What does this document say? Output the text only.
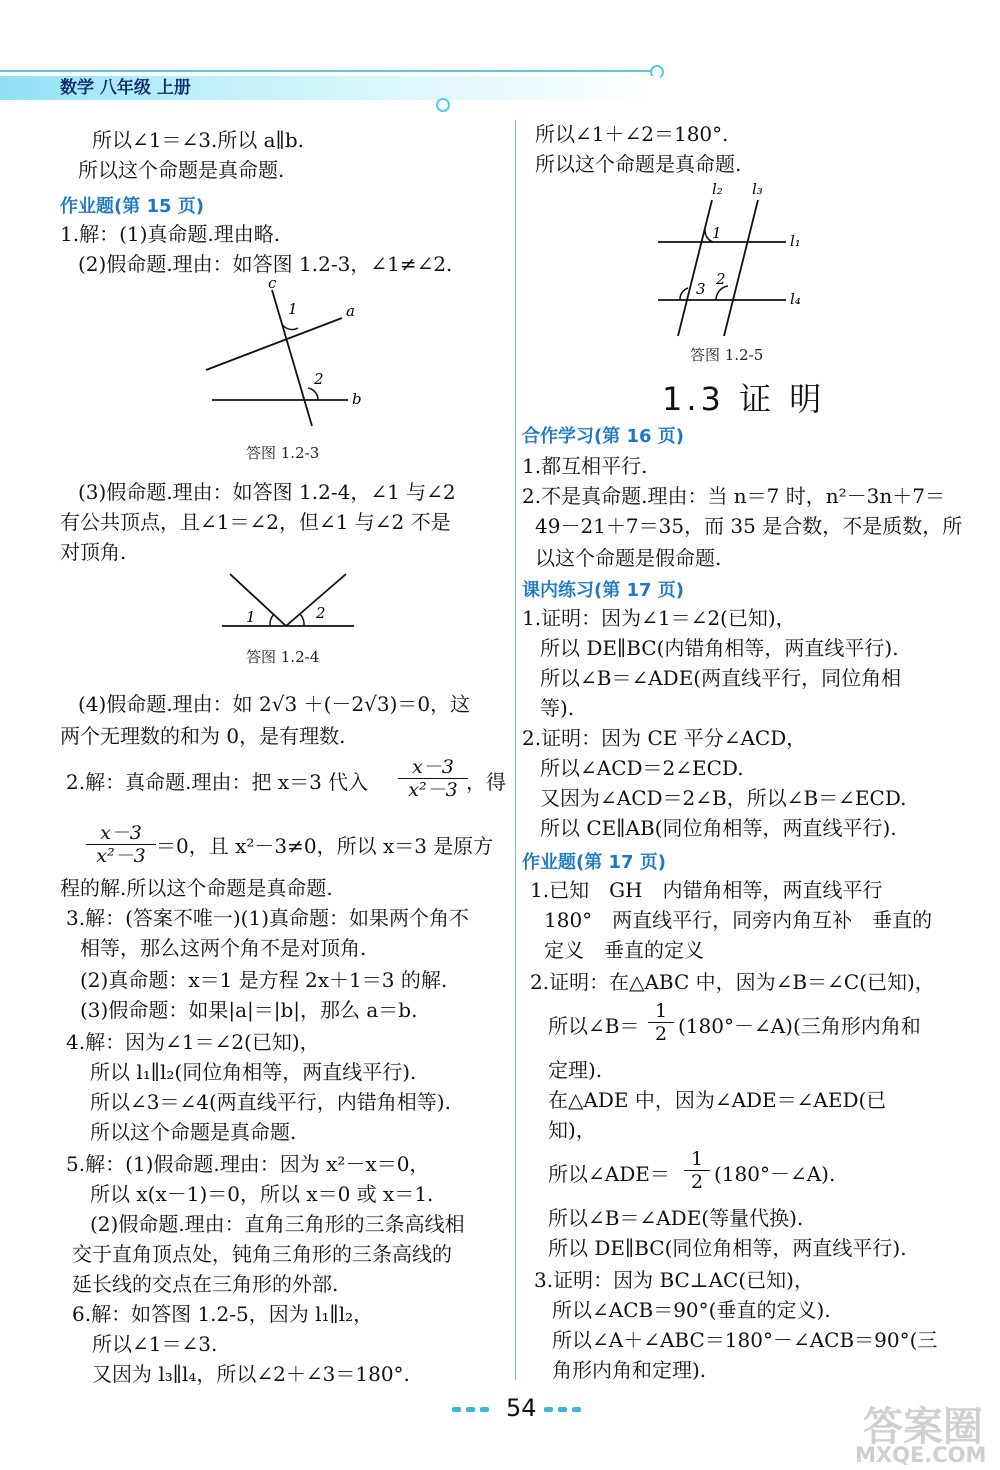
数学 八年级 上册
所以∠1＝∠3.所以 a∥b.
所以这个命题是真命题.
作业题(第 15 页)
1.解：(1)真命题.理由略.
(2)假命题.理由：如答图 1.2-3，∠1≠∠2.
c
1	a
2
b
答图 1.2-3
(3)假命题.理由：如答图 1.2-4，∠1 与∠2
有公共顶点，且∠1＝∠2，但∠1 与∠2 不是
对顶角.
1	2
答图 1.2-4
(4)假命题.理由：如 2√3 ＋(－2√3)＝0，这
两个无理数的和为 0，是有理数.
2.解：真命题.理由：把 x＝3 代入 $\frac{x-3}{\text{x²－3}}$
，得
$\frac{x-3}{\text{x²－3}} =0$，且 x²－3≠0，所以 x＝3 是原方
程的解.所以这个命题是真命题.
3.解：(答案不唯一)(1)真命题：如果两个角不
相等，那么这两个角不是对顶角.
(2)真命题：x＝1 是方程 2x＋1＝3 的解.
(3)假命题：如果|a|＝|b|，那么 a＝b.
4.解：因为∠1＝∠2(已知)，
所以 l₁∥l₂(同位角相等，两直线平行).
所以∠3＝∠4(两直线平行，内错角相等).
所以这个命题是真命题.
5.解：(1)假命题.理由：因为 x²－x＝0，
所以 x(x－1)＝0，所以 x＝0 或 x＝1.
(2)假命题.理由：直角三角形的三条高线相
交于直角顶点处，钝角三角形的三条高线的
延长线的交点在三角形的外部.
6.解：如答图 1.2-5，因为 l₁∥l₂，
所以∠1＝∠3.
又因为 l₃∥l₄，所以∠2＋∠3＝180°.
所以∠1＋∠2＝180°.
所以这个命题是真命题.
l₂ l₃
1	l₁
3
2
l₄
答图 1.2-5
1.3 证 明
合作学习(第 16 页)
1.都互相平行.
2.不是真命题.理由：当 n＝7 时，n²－3n＋7＝
49－21＋7＝35，而 35 是合数，不是质数，所
以这个命题是假命题.
课内练习(第 17 页)
1.证明：因为∠1＝∠2(已知)，
所以 DE∥BC(内错角相等，两直线平行).
所以∠B＝∠ADE(两直线平行，同位角相
等).
2.证明：因为 CE 平分∠ACD，
所以∠ACD＝2∠ECD.
又因为∠ACD＝2∠B，所以∠B＝∠ECD.
所以 CE∥AB(同位角相等，两直线平行).
作业题(第 17 页)
1.已知　GH　内错角相等，两直线平行
180°　两直线平行，同旁内角互补　垂直的
定义　垂直的定义
2.证明：在△ABC 中，因为∠B＝∠C(已知)，
所以∠B＝ $\frac{1}{2}$ (180°－∠A)(三角形内角和
定理).
在△ADE 中，因为∠ADE＝∠AED(已
知)，
所以∠ADE＝ $\frac{1}{2}$ (180°－∠A).
所以∠B＝∠ADE(等量代换).
所以 DE∥BC(同位角相等，两直线平行).
3.证明：因为 BC⊥AC(已知)，
所以∠ACB＝90°(垂直的定义).
所以∠A＋∠ABC＝180°－∠ACB＝90°(三
角形内角和定理).
54	答案圈
MXQE.COM
